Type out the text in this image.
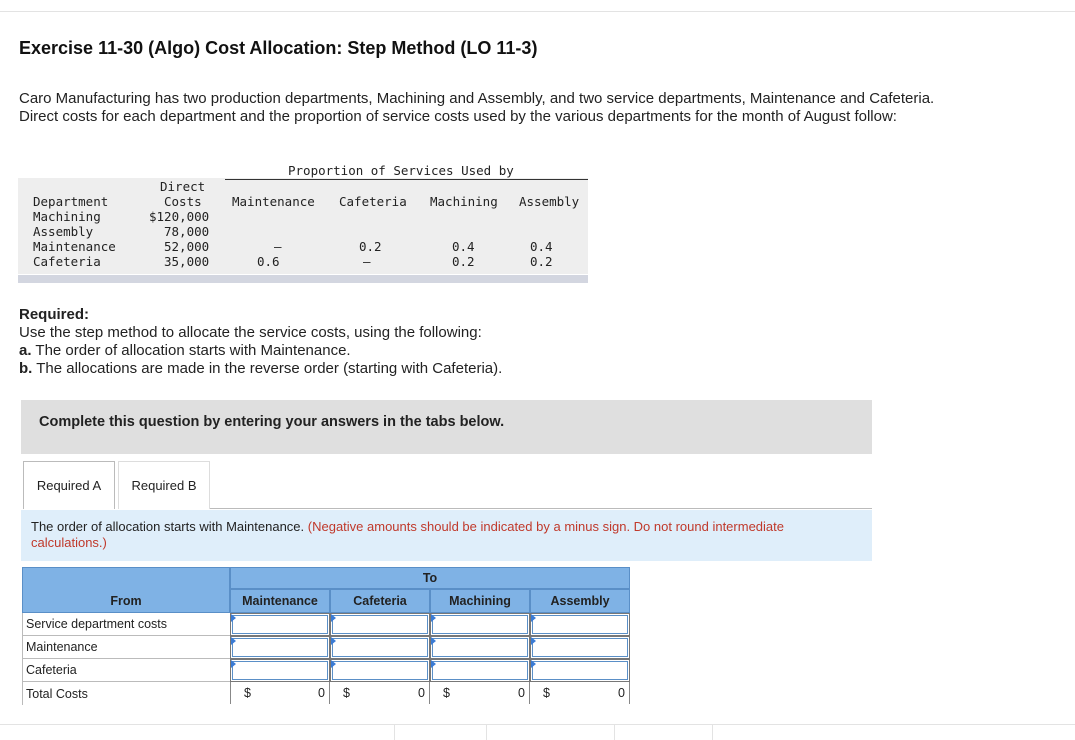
Exercise 11-30 (Algo) Cost Allocation: Step Method (LO 11-3)

Caro Manufacturing has two production departments, Machining and Assembly, and two service departments, Maintenance and Cafeteria. Direct costs for each department and the proportion of service costs used by the various departments for the month of August follow:

Proportion of Services Used by
Direct
Department	Costs Maintenance Cafeteria Machining Assembly
Machining	$120,000
Assembly	78,000
Maintenance	52,000	–	0.2	0.4	0.4
Cafeteria	35,000	0.6	–	0.2	0.2
Required:
Use the step method to allocate the service costs, using the following:
a. The order of allocation starts with Maintenance.
b. The allocations are made in the reverse order (starting with Cafeteria).
Complete this question by entering your answers in the tabs below.
Required A	Required B
The order of allocation starts with Maintenance. (Negative amounts should be indicated by a minus sign. Do not round intermediate calculations.)
To
From	Maintenance	Cafeteria	Machining	Assembly
Service department costs
Maintenance
Cafeteria
Total Costs	$	0 $	0 $	0 $	0
